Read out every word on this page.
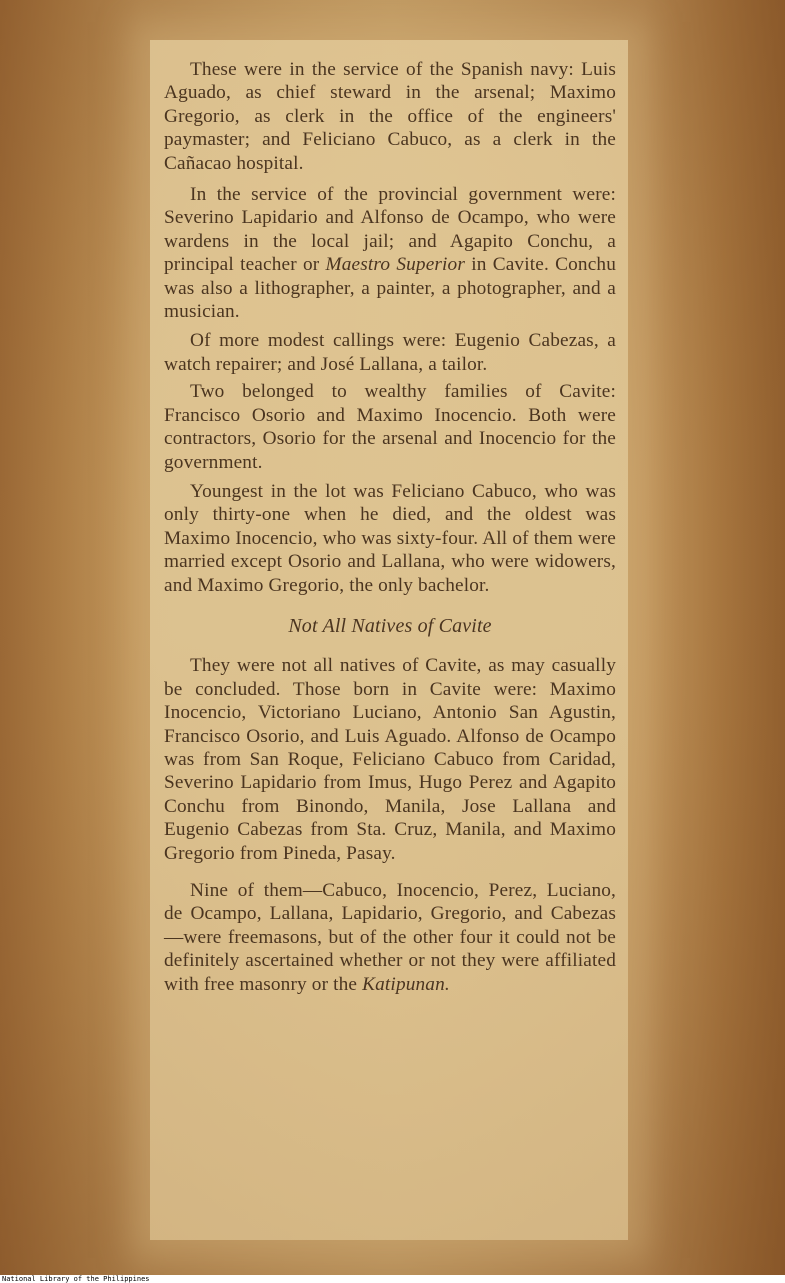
These were in the service of the Spanish navy: Luis Aguado, as chief steward in the arsenal; Maximo Gregorio, as clerk in the office of the engineers' paymaster; and Feliciano Cabuco, as a clerk in the Cañacao hospital.

In the service of the provincial government were: Severino Lapidario and Alfonso de Ocampo, who were wardens in the local jail; and Agapito Conchu, a principal teacher or Maestro Superior in Cavite. Conchu was also a lithographer, a painter, a photographer, and a musician.

Of more modest callings were: Eugenio Cabezas, a watch repairer; and José Lallana, a tailor.

Two belonged to wealthy families of Cavite: Francisco Osorio and Maximo Inocencio. Both were contractors, Osorio for the arsenal and Inocencio for the government.

Youngest in the lot was Feliciano Cabuco, who was only thirty-one when he died, and the oldest was Maximo Inocencio, who was sixty-four. All of them were married except Osorio and Lallana, who were widowers, and Maximo Gregorio, the only bachelor.

Not All Natives of Cavite

They were not all natives of Cavite, as may casually be concluded. Those born in Cavite were: Maximo Inocencio, Victoriano Luciano, Antonio San Agustin, Francisco Osorio, and Luis Aguado. Alfonso de Ocampo was from San Roque, Feliciano Cabuco from Caridad, Severino Lapidario from Imus, Hugo Perez and Agapito Conchu from Binondo, Manila, Jose Lallana and Eugenio Cabezas from Sta. Cruz, Manila, and Maximo Gregorio from Pineda, Pasay.

Nine of them—Cabuco, Inocencio, Perez, Luciano, de Ocampo, Lallana, Lapidario, Gregorio, and Cabezas—were freemasons, but of the other four it could not be definitely ascertained whether or not they were affiliated with free masonry or the Katipunan.

National Library of the Philippines
